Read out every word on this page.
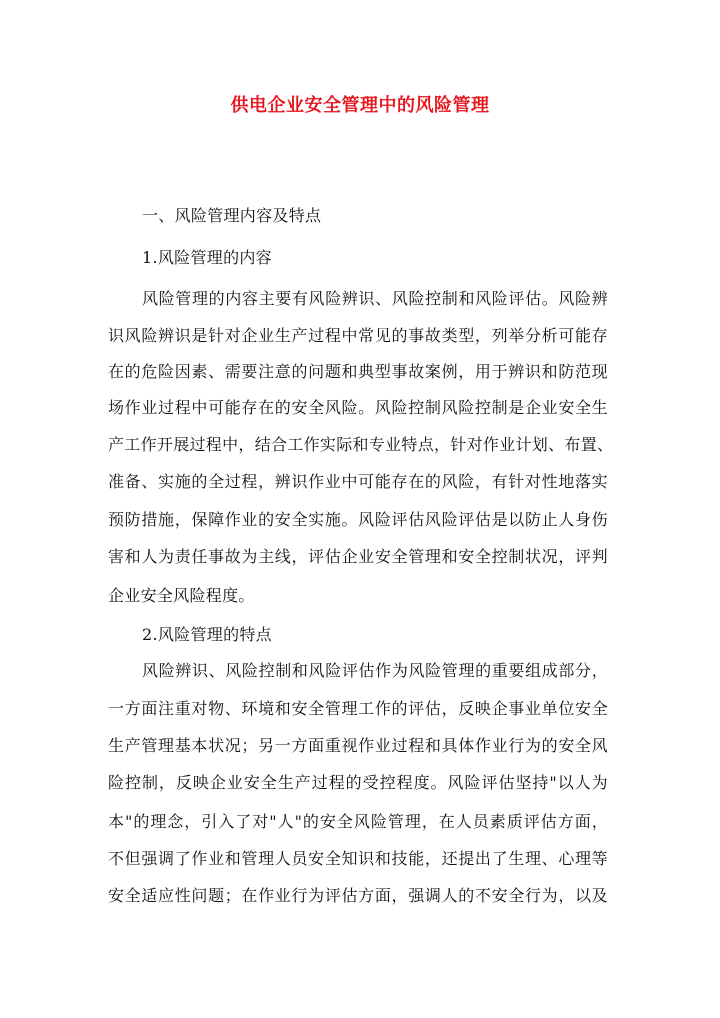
供电企业安全管理中的风险管理
一、风险管理内容及特点
1.风险管理的内容
风险管理的内容主要有风险辨识、风险控制和风险评估。风险辨
识风险辨识是针对企业生产过程中常见的事故类型，列举分析可能存
在的危险因素、需要注意的问题和典型事故案例，用于辨识和防范现
场作业过程中可能存在的安全风险。风险控制风险控制是企业安全生
产工作开展过程中，结合工作实际和专业特点，针对作业计划、布置、
准备、实施的全过程，辨识作业中可能存在的风险，有针对性地落实
预防措施，保障作业的安全实施。风险评估风险评估是以防止人身伤
害和人为责任事故为主线，评估企业安全管理和安全控制状况，评判
企业安全风险程度。
2.风险管理的特点
风险辨识、风险控制和风险评估作为风险管理的重要组成部分，
一方面注重对物、环境和安全管理工作的评估，反映企事业单位安全
生产管理基本状况；另一方面重视作业过程和具体作业行为的安全风
险控制，反映企业安全生产过程的受控程度。风险评估坚持"以人为
本"的理念，引入了对"人"的安全风险管理，在人员素质评估方面，
不但强调了作业和管理人员安全知识和技能，还提出了生理、心理等
安全适应性问题；在作业行为评估方面，强调人的不安全行为，以及
